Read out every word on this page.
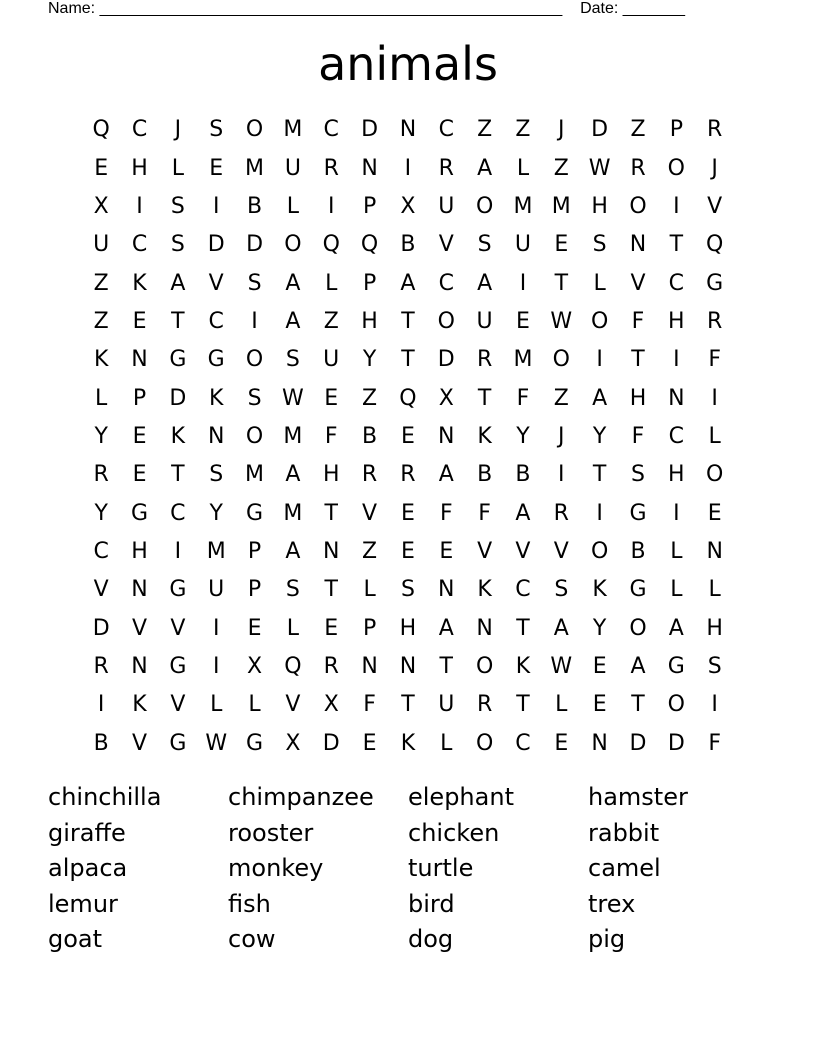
Name: ____________________________________________________ Date: _______
animals
Q	C	J	S	O M C	D N	C	Z	Z	J	D	Z	P	R
E	H	L	E M U	R	N	I	R	A	L	Z W R	O	J
X	I	S	I	B	L	I	P	X	U O M M H O	I	V
U	C	S	D D O Q Q	B	V	S	U	E	S	N	T	Q
Z	K	A	V	S	A	L	P	A	C	A	I	T	L	V	C	G
Z	E	T	C	I	A	Z	H	T	O U	E W O	F	H	R
K	N G G O	S	U	Y	T	D	R M O	I	T	I	F
L	P	D	K	S W E	Z	Q	X	T	F	Z	A	H N	I
Y	E	K	N O M	F	B	E	N	K	Y	J	Y	F	C	L
R	E	T	S M A	H	R	R	A	B	B	I	T	S	H O
Y	G	C	Y	G M	T	V	E	F	F	A	R	I	G	I	E
C	H	I	M	P	A	N	Z	E	E	V	V	V	O	B	L	N
V	N G U	P	S	T	L	S	N	K	C	S	K	G	L	L
D	V	V	I	E	L	E	P	H	A	N	T	A	Y	O	A	H
R	N G	I	X	Q	R	N N	T	O	K W E	A	G	S
I	K	V	L	L	V	X	F	T	U	R	T	L	E	T	O	I
B	V	G W G	X	D	E	K	L	O	C	E	N D D	F
chinchilla	chimpanzee	elephant	hamster
giraffe	rooster	chicken	rabbit
alpaca	monkey	turtle	camel
lemur	fish	bird	trex
goat	cow	dog	pig
